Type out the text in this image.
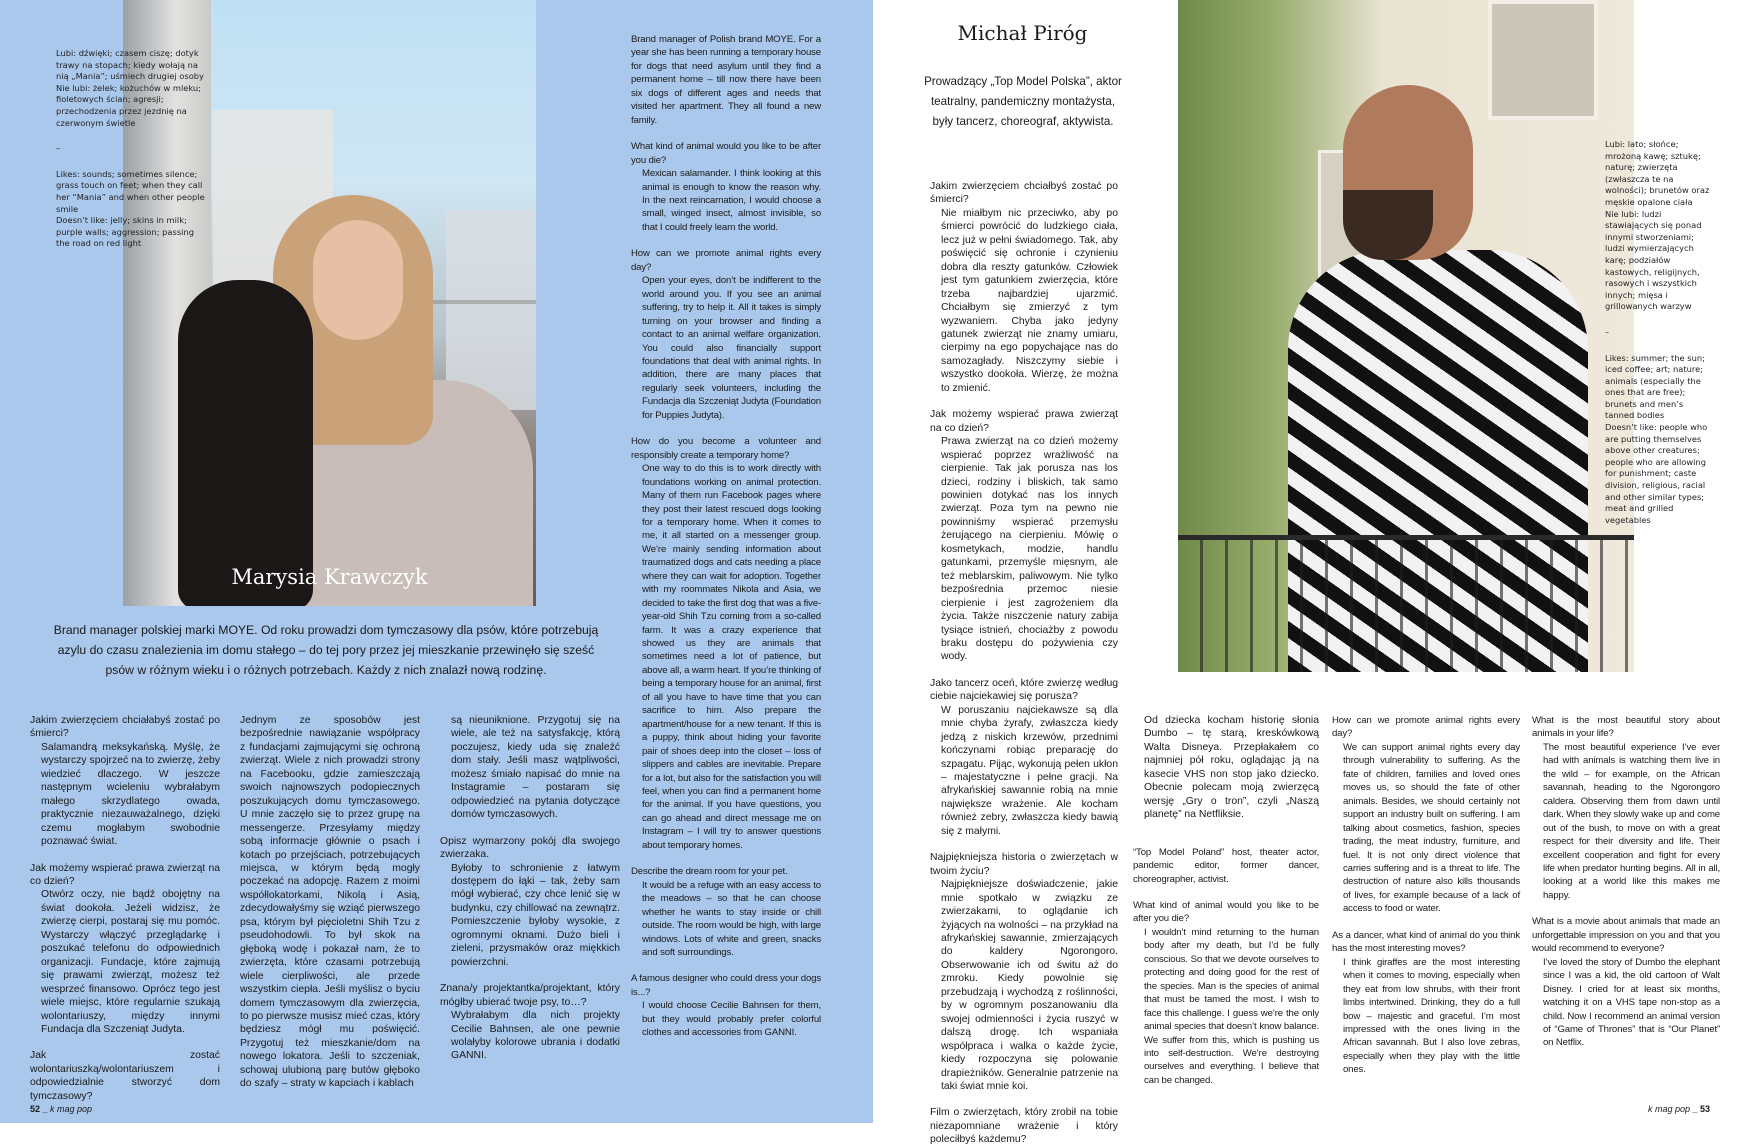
Marysia Krawczyk

Lubi: dźwięki; czasem ciszę; dotyk trawy na stopach; kiedy wołają na nią „Mania”; uśmiech drugiej osoby

Nie lubi: żelek; kożuchów w mleku; fioletowych ścian; agresji; przechodzenia przez jezdnię na czerwonym świetle

–

Likes: sounds; sometimes silence; grass touch on feet; when they call her “Mania” and when other people smile

Doesn’t like: jelly; skins in milk; purple walls; aggression; passing the road on red light

Brand manager polskiej marki MOYE. Od roku prowadzi dom tymczasowy dla psów, które potrzebują azylu do czasu znalezienia im domu stałego – do tej pory przez jej mieszkanie przewinęło się sześć psów w różnym wieku i o różnych potrzebach. Każdy z nich znalazł nową rodzinę.

Jakim zwierzęciem chciałabyś zostać po śmierci?

Salamandrą meksykańską. Myślę, że wystarczy spojrzeć na to zwierzę, żeby wiedzieć dlaczego. W jeszcze następnym wcieleniu wybrałabym małego skrzydlatego owada, praktycznie niezauważalnego, dzięki czemu mogłabym swobodnie poznawać świat.

Jak możemy wspierać prawa zwierząt na co dzień?

Otwórz oczy, nie bądź obojętny na świat dookoła. Jeżeli widzisz, że zwierzę cierpi, postaraj się mu pomóc. Wystarczy włączyć przeglądarkę i poszukać telefonu do odpowiednich organizacji. Fundacje, które zajmują się prawami zwierząt, możesz też wesprzeć finansowo. Oprócz tego jest wiele miejsc, które regularnie szukają wolontariuszy, między innymi Fundacja dla Szczeniąt Judyta.

Jak zostać wolontariuszką/wolontariuszem i odpowiedzialnie stworzyć dom tymczasowy?

Jednym ze sposobów jest bezpośrednie nawiązanie współpracy z fundacjami zajmującymi się ochroną zwierząt. Wiele z nich prowadzi strony na Facebooku, gdzie zamieszczają swoich najnowszych podopiecznych poszukujących domu tymczasowego. U mnie zaczęło się to przez grupę na messengerze. Przesyłamy między sobą informacje głównie o psach i kotach po przejściach, potrzebujących miejsca, w którym będą mogły poczekać na adopcję. Razem z moimi współlokatorkami, Nikolą i Asią, zdecydowałyśmy się wziąć pierwszego psa, którym był pięcioletni Shih Tzu z pseudohodowli. To był skok na głęboką wodę i pokazał nam, że to zwierzęta, które czasami potrzebują wiele cierpliwości, ale przede wszystkim ciepła. Jeśli myślisz o byciu domem tymczasowym dla zwierzęcia, to po pierwsze musisz mieć czas, który będziesz mógł mu poświęcić. Przygotuj też mieszkanie/dom na nowego lokatora. Jeśli to szczeniak, schowaj ulubioną parę butów głęboko do szafy – straty w kapciach i kablach

są nieuniknione. Przygotuj się na wiele, ale też na satysfakcję, którą poczujesz, kiedy uda się znaleźć dom stały. Jeśli masz wątpliwości, możesz śmiało napisać do mnie na Instagramie – postaram się odpowiedzieć na pytania dotyczące domów tymczasowych.

Opisz wymarzony pokój dla swojego zwierzaka.

Byłoby to schronienie z łatwym dostępem do łąki – tak, żeby sam mógł wybierać, czy chce lenić się w budynku, czy chillować na zewnątrz. Pomieszczenie byłoby wysokie, z ogromnymi oknami. Dużo bieli i zieleni, przysmaków oraz miękkich powierzchni.

Znana/y projektantka/projektant, który mógłby ubierać twoje psy, to…?

Wybrałabym dla nich projekty Cecilie Bahnsen, ale one pewnie wolałyby kolorowe ubrania i dodatki GANNI.

Brand manager of Polish brand MOYE. For a year she has been running a temporary house for dogs that need asylum until they find a permanent home – till now there have been six dogs of different ages and needs that visited her apartment. They all found a new family.

What kind of animal would you like to be after you die?

Mexican salamander. I think looking at this animal is enough to know the reason why. In the next reincarnation, I would choose a small, winged insect, almost invisible, so that I could freely learn the world.

How can we promote animal rights every day?

Open your eyes, don’t be indifferent to the world around you. If you see an animal suffering, try to help it. All it takes is simply turning on your browser and finding a contact to an animal welfare organization. You could also financially support foundations that deal with animal rights. In addition, there are many places that regularly seek volunteers, including the Fundacja dla Szczeniąt Judyta (Foundation for Puppies Judyta).

How do you become a volunteer and responsibly create a temporary home?

One way to do this is to work directly with foundations working on animal protection. Many of them run Facebook pages where they post their latest rescued dogs looking for a temporary home. When it comes to me, it all started on a messenger group. We’re mainly sending information about traumatized dogs and cats needing a place where they can wait for adoption. Together with my roommates Nikola and Asia, we decided to take the first dog that was a five-year-old Shih Tzu coming from a so-called farm. It was a crazy experience that showed us they are animals that sometimes need a lot of patience, but above all, a warm heart. If you’re thinking of being a temporary house for an animal, first of all you have to have time that you can sacrifice to him. Also prepare the apartment/house for a new tenant. If this is a puppy, think about hiding your favorite pair of shoes deep into the closet – loss of slippers and cables are inevitable. Prepare for a lot, but also for the satisfaction you will feel, when you can find a permanent home for the animal. If you have questions, you can go ahead and direct message me on Instagram – I will try to answer questions about temporary homes.

Describe the dream room for your pet.

It would be a refuge with an easy access to the meadows – so that he can choose whether he wants to stay inside or chill outside. The room would be high, with large windows. Lots of white and green, snacks and soft surroundings.

A famous designer who could dress your dogs is...?

I would choose Cecilie Bahnsen for them, but they would probably prefer colorful clothes and accessories from GANNI.

52 _ k mag pop
Michał Piróg
Prowadzący „Top Model Polska”, aktor teatralny, pandemiczny montażysta, były tancerz, choreograf, aktywista.

Lubi: lato; słońce; mrożoną kawę; sztukę; naturę; zwierzęta (zwłaszcza te na wolności); brunetów oraz męskie opalone ciała

Nie lubi: ludzi stawiających się ponad innymi stworzeniami; ludzi wymierzających karę; podziałów kastowych, religijnych, rasowych i wszystkich innych; mięsa i grillowanych warzyw

–

Likes: summer; the sun; iced coffee; art; nature; animals (especially the ones that are free); brunets and men’s tanned bodies

Doesn’t like: people who are putting themselves above other creatures; people who are allowing for punishment; caste division, religious, racial and other similar types; meat and grilled vegetables

Jakim zwierzęciem chciałbyś zostać po śmierci?

Nie miałbym nic przeciwko, aby po śmierci powrócić do ludzkiego ciała, lecz już w pełni świadomego. Tak, aby poświęcić się ochronie i czynieniu dobra dla reszty gatunków. Człowiek jest tym gatunkiem zwierzęcia, które trzeba najbardziej ujarzmić. Chciałbym się zmierzyć z tym wyzwaniem. Chyba jako jedyny gatunek zwierząt nie znamy umiaru, cierpimy na ego popychające nas do samozagłady. Niszczymy siebie i wszystko dookoła. Wierzę, że można to zmienić.

Jak możemy wspierać prawa zwierząt na co dzień?

Prawa zwierząt na co dzień możemy wspierać poprzez wrażliwość na cierpienie. Tak jak porusza nas los dzieci, rodziny i bliskich, tak samo powinien dotykać nas los innych zwierząt. Poza tym na pewno nie powinniśmy wspierać przemysłu żerującego na cierpieniu. Mówię o kosmetykach, modzie, handlu gatunkami, przemyśle mięsnym, ale też meblarskim, paliwowym. Nie tylko bezpośrednia przemoc niesie cierpienie i jest zagrożeniem dla życia. Także niszczenie natury zabija tysiące istnień, chociażby z powodu braku dostępu do pożywienia czy wody.

Jako tancerz oceń, które zwierzę według ciebie najciekawiej się porusza?

W poruszaniu najciekawsze są dla mnie chyba żyrafy, zwłaszcza kiedy jedzą z niskich krzewów, przednimi kończynami robiąc preparację do szpagatu. Pijąc, wykonują pełen ukłon – majestatyczne i pełne gracji. Na afrykańskiej sawannie robią na mnie największe wrażenie. Ale kocham również zebry, zwłaszcza kiedy bawią się z małymi.

Najpiękniejsza historia o zwierzętach w twoim życiu?

Najpiękniejsze doświadczenie, jakie mnie spotkało w związku ze zwierzakami, to oglądanie ich żyjących na wolności – na przykład na afrykańskiej sawannie, zmierzających do kaldery Ngorongoro. Obserwowanie ich od świtu aż do zmroku. Kiedy powolnie się przebudzają i wychodzą z roślinności, by w ogromnym poszanowaniu dla swojej odmienności i życia ruszyć w dalszą drogę. Ich wspaniała współpraca i walka o każde życie, kiedy rozpoczyna się polowanie drapieżników. Generalnie patrzenie na taki świat mnie koi.

Film o zwierzętach, który zrobił na tobie niezapomniane wrażenie i który poleciłbyś każdemu?

Od dziecka kocham historię słonia Dumbo – tę starą, kreskówkową Walta Disneya. Przepłakałem co najmniej pół roku, oglądając ją na kasecie VHS non stop jako dziecko. Obecnie polecam moją zwierzęcą wersję „Gry o tron”, czyli „Naszą planetę” na Netfliksie.

“Top Model Poland” host, theater actor, pandemic editor, former dancer, choreographer, activist.

What kind of animal would you like to be after you die?

I wouldn’t mind returning to the human body after my death, but I’d be fully conscious. So that we devote ourselves to protecting and doing good for the rest of the species. Man is the species of animal that must be tamed the most. I wish to face this challenge. I guess we’re the only animal species that doesn’t know balance. We suffer from this, which is pushing us into self-destruction. We’re destroying ourselves and everything. I believe that can be changed.

How can we promote animal rights every day?

We can support animal rights every day through vulnerability to suffering. As the fate of children, families and loved ones moves us, so should the fate of other animals. Besides, we should certainly not support an industry built on suffering. I am talking about cosmetics, fashion, species trading, the meat industry, furniture, and fuel. It is not only direct violence that carries suffering and is a threat to life. The destruction of nature also kills thousands of lives, for example because of a lack of access to food or water.

As a dancer, what kind of animal do you think has the most interesting moves?

I think giraffes are the most interesting when it comes to moving, especially when they eat from low shrubs, with their front limbs intertwined. Drinking, they do a full bow – majestic and graceful. I’m most impressed with the ones living in the African savannah. But I also love zebras, especially when they play with the little ones.

What is the most beautiful story about animals in your life?

The most beautiful experience I’ve ever had with animals is watching them live in the wild – for example, on the African savannah, heading to the Ngorongoro caldera. Observing them from dawn until dark. When they slowly wake up and come out of the bush, to move on with a great respect for their diversity and life. Their excellent cooperation and fight for every life when predator hunting begins. All in all, looking at a world like this makes me happy.

What is a movie about animals that made an unforgettable impression on you and that you would recommend to everyone?

I’ve loved the story of Dumbo the elephant since I was a kid, the old cartoon of Walt Disney. I cried for at least six months, watching it on a VHS tape non-stop as a child. Now I recommend an animal version of “Game of Thrones” that is “Our Planet” on Netflix.

k mag pop _ 53
